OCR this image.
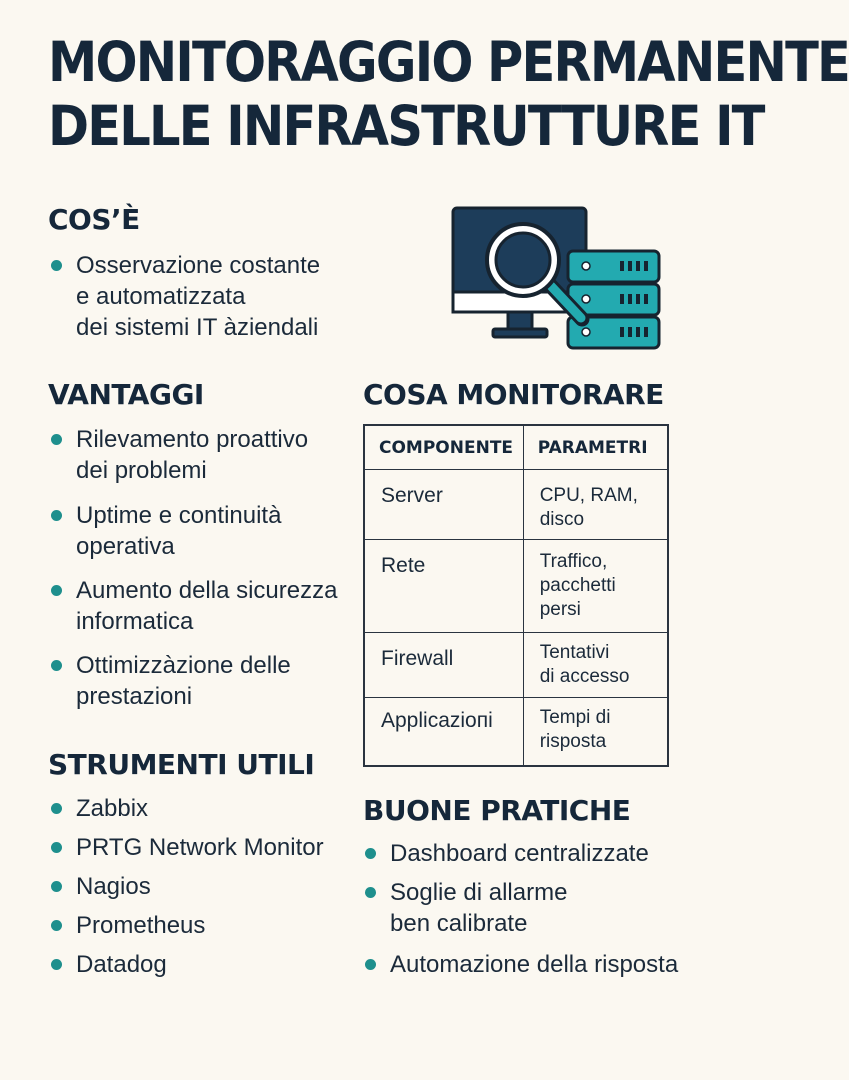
MONITORAGGIO PERMANENTE
DELLE INFRASTRUTTURE IT
COS’È
Osservazione costante
e automatizzata
dei sistemi IT àziendali
VANTAGGI
Rilevamento proattivo
dei problemi
Uptime e continuità
operativa
Aumento della sicurezza
informatica
Ottimizzàzione delle
prestazioni
STRUMENTI UTILI
Zabbix
PRTG Network Monitor
Nagios
Prometheus
Datadog
COSA MONITORARE
COMPONENTE	PARAMETRI
Server	CPU, RAM,
disco
Rete	Traffico,
pacchetti
persi
Firewall	Tentativi
di accesso
Applicazioпi	Tempi di
risposta
BUONE PRATICHE
Dashboard centralizzate
Soglie di allarme
ben calibrate
Automazione della risposta
